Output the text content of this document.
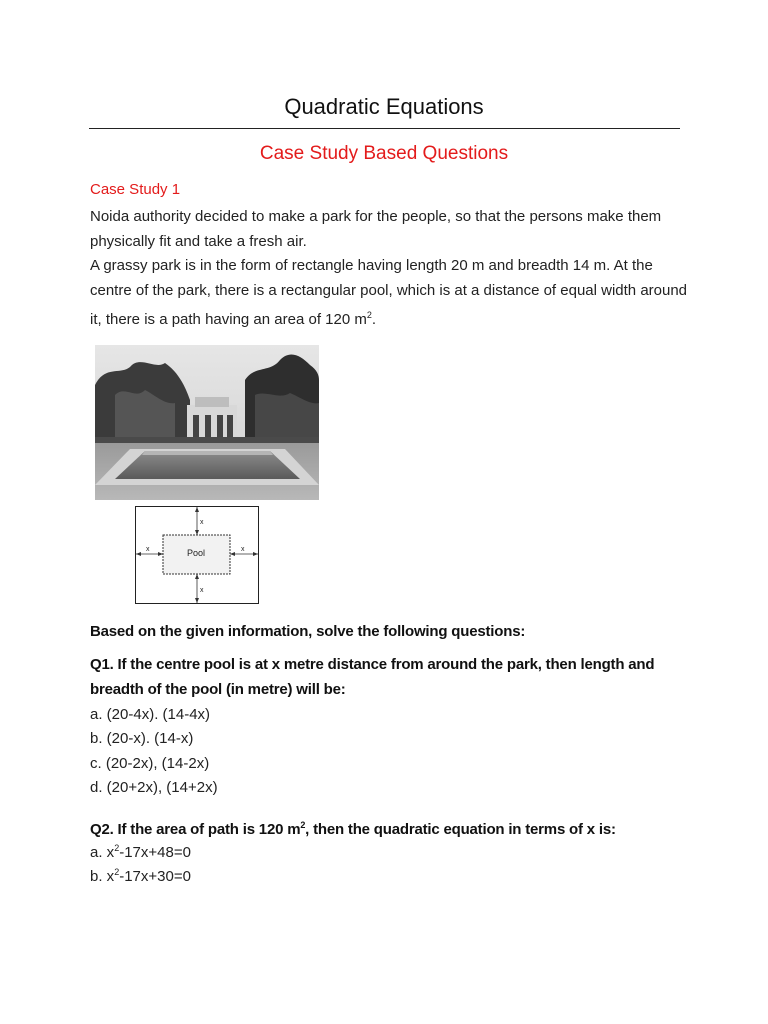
Quadratic Equations
Case Study Based Questions
Case Study 1
Noida authority decided to make a park for the people, so that the persons make them physically fit and take a fresh air.
A grassy park is in the form of rectangle having length 20 m and breadth 14 m. At the centre of the park, there is a rectangular pool, which is at a distance of equal width around it, there is a path having an area of 120 $m^2$.
Pool
x
x
x	x
Based on the given information, solve the following questions:
Q1. If the centre pool is at x metre distance from around the park, then length and breadth of the pool (in metre) will be:
a. (20-4x). (14-4x)
b. (20-x). (14-x)
c. (20-2x), (14-2x)
d. (20+2x), (14+2x)
Q2. If the area of path is 120 $m^2$, then the quadratic equation in terms of x is:
a. $x^2-17x+48=0$
b. $x^2-17x+30=0$
